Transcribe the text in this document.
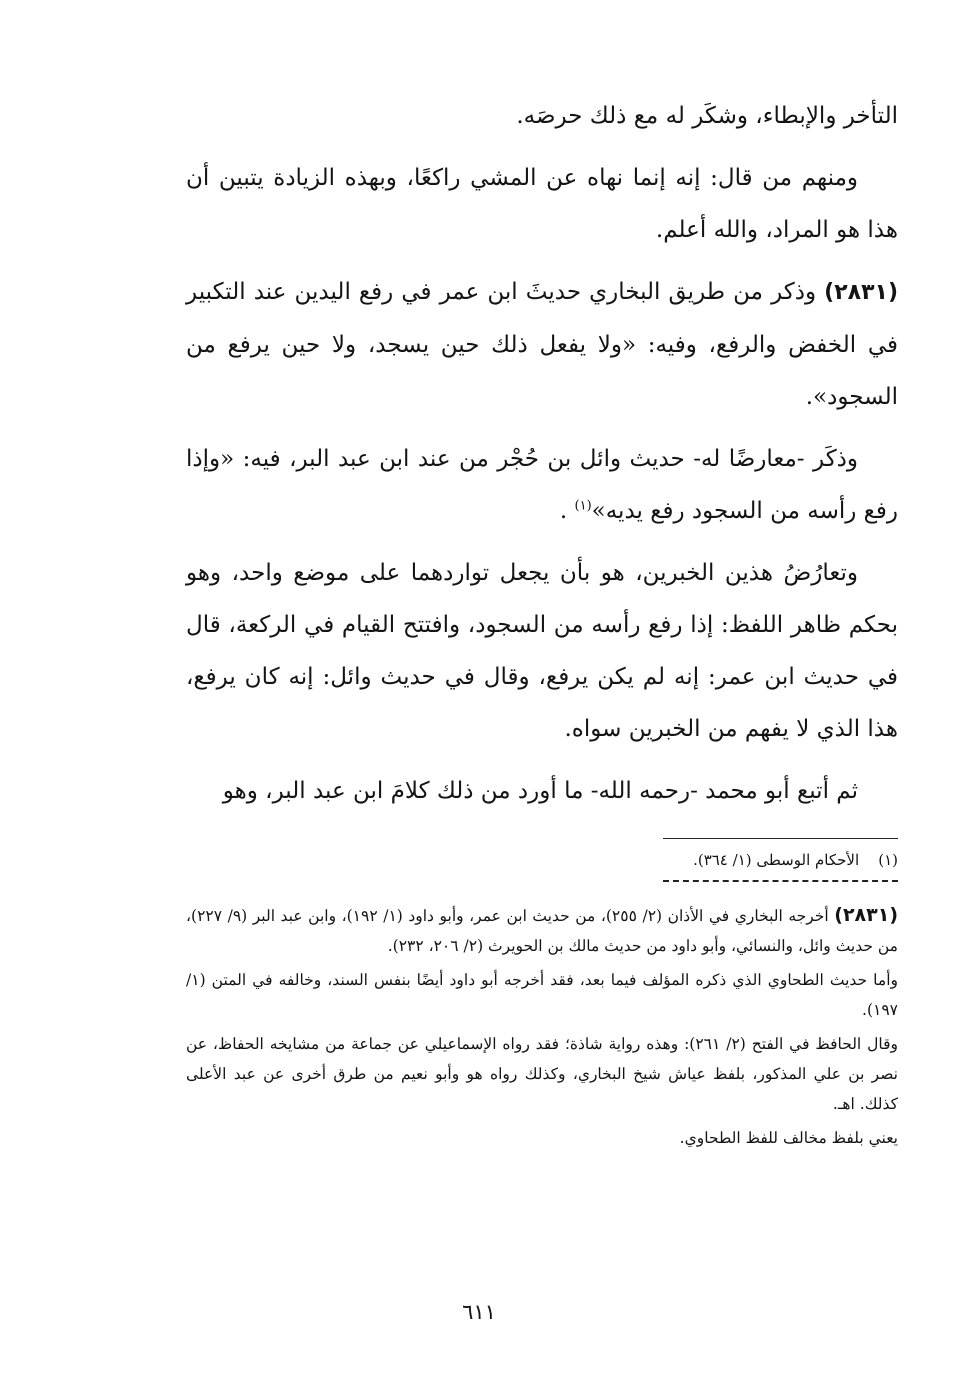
التأخر والإبطاء، وشكَر له مع ذلك حرصَه.

ومنهم من قال: إنه إنما نهاه عن المشي راكعًا، وبهذه الزيادة يتبين أن هذا هو المراد، والله أعلم.

(٢٨٣١) وذكر من طريق البخاري حديثَ ابن عمر في رفع اليدين عند التكبير في الخفض والرفع، وفيه: «ولا يفعل ذلك حين يسجد، ولا حين يرفع من السجود».

وذكَر -معارضًا له- حديث وائل بن حُجْر من عند ابن عبد البر، فيه: «وإذا رفع رأسه من السجود رفع يديه»$^{(١)}$ .

وتعارُضُ هذين الخبرين، هو بأن يجعل تواردهما على موضع واحد، وهو بحكم ظاهر اللفظ: إذا رفع رأسه من السجود، وافتتح القيام في الركعة، قال في حديث ابن عمر: إنه لم يكن يرفع، وقال في حديث وائل: إنه كان يرفع، هذا الذي لا يفهم من الخبرين سواه.

ثم أتبع أبو محمد -رحمه الله- ما أورد من ذلك كلامَ ابن عبد البر، وهو

(١)    الأحكام الوسطى (١/ ٣٦٤).

(٢٨٣١) أخرجه البخاري في الأذان (٢/ ٢٥٥)، من حديث ابن عمر، وأبو داود (١/ ١٩٢)، وابن عبد البر (٩/ ٢٢٧)، من حديث وائل، والنسائي، وأبو داود من حديث مالك بن الحويرث (٢/ ٢٠٦، ٢٣٢).

وأما حديث الطحاوي الذي ذكره المؤلف فيما بعد، فقد أخرجه أبو داود أيضًا بنفس السند، وخالفه في المتن (١/ ١٩٧).

وقال الحافظ في الفتح (٢/ ٢٦١): وهذه رواية شاذة؛ فقد رواه الإسماعيلي عن جماعة من مشايخه الحفاظ، عن نصر بن علي المذكور، بلفظ عياش شيخ البخاري، وكذلك رواه هو وأبو نعيم من طرق أخرى عن عبد الأعلى كذلك. اهـ.

يعني بلفظ مخالف للفظ الطحاوي.

٦١١
